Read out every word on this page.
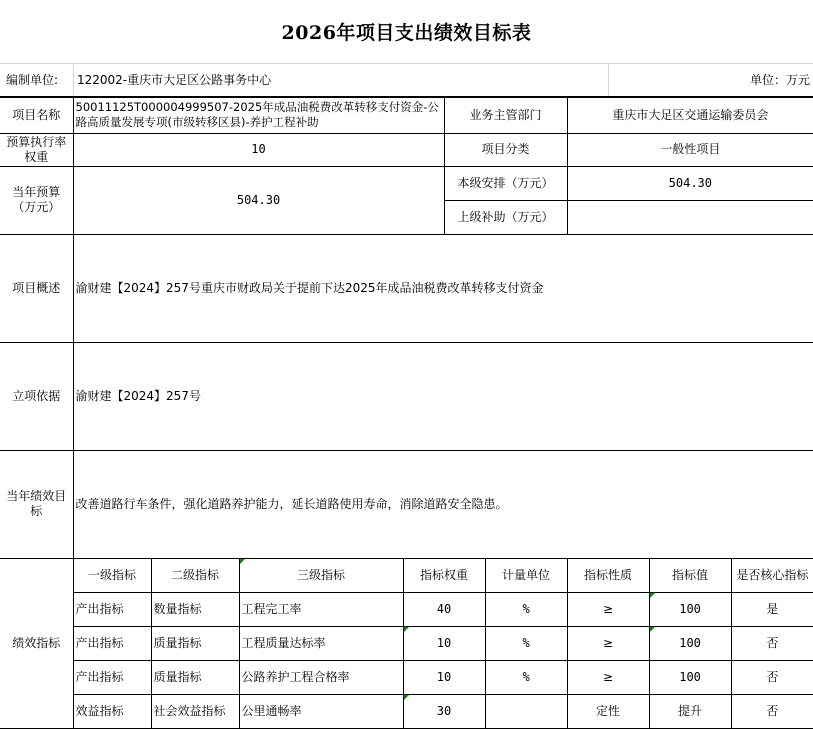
2026年项目支出绩效目标表
编制单位: 122002-重庆市大足区公路事务中心	单位：万元
项目名称	50011125T000004999507-2025年成品油税费改革转移支付资金-公路高质量发展专项(市级转移区县)-养护工程补助				业务主管部门		重庆市大足区交通运输委员会		
预算执行率权重	10				项目分类		一般性项目		
当年预算（万元）	504.30				本级安排（万元）		504.30		
					上级补助（万元）				
项目概述	渝财建【2024】257号重庆市财政局关于提前下达2025年成品油税费改革转移支付资金								
立项依据	渝财建【2024】257号								
当年绩效目标	改善道路行车条件，强化道路养护能力，延长道路使用寿命，消除道路安全隐患。								
绩效指标	一级指标	二级指标	三级指标	指标权重		计量单位	指标性质	指标值	是否核心指标
	产出指标	数量指标	工程完工率	40		%	≥	100	是
	产出指标	质量指标	工程质量达标率	10		%	≥	100	否
	产出指标	质量指标	公路养护工程合格率	10		%	≥	100	否
	效益指标	社会效益指标	公里通畅率	30			定性	提升	否
